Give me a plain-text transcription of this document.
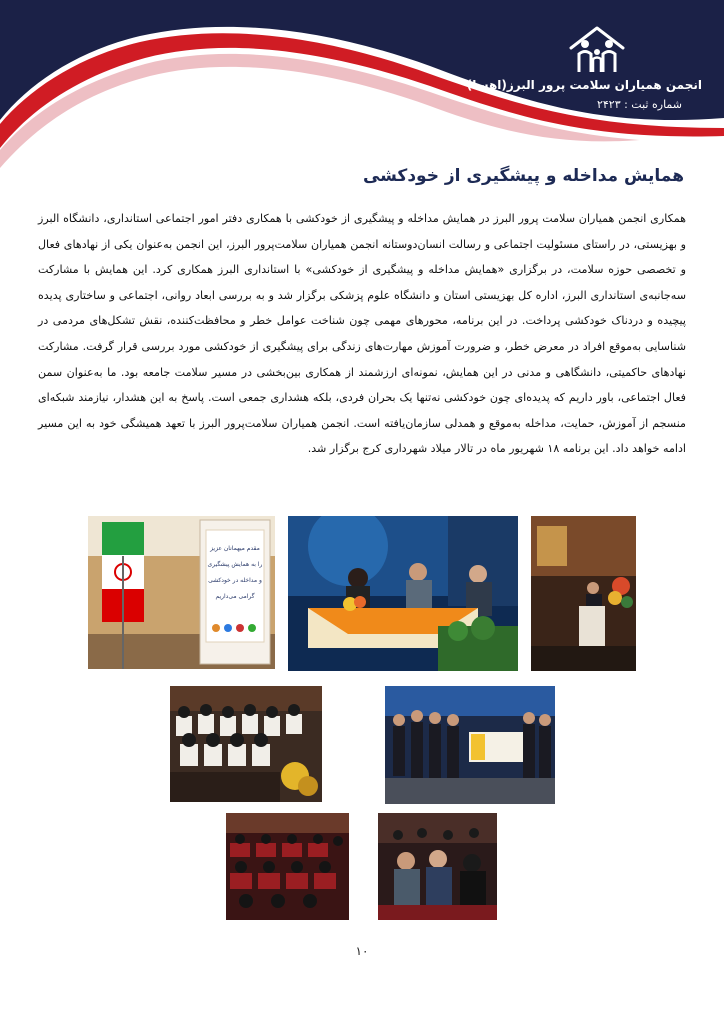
انجمن همیاران سلامت پرور البرز(اهسا)
شماره ثبت : ۲۴۲۳
همایش مداخله و پیشگیری از خودکشی

همکاری انجمن همیاران سلامت پرور البرز در همایش مداخله و پیشگیری از خودکشی با همکاری دفتر امور اجتماعی استانداری، دانشگاه البرز و بهزیستی، در راستای مسئولیت اجتماعی و رسالت انسان‌دوستانه انجمن همیاران سلامت‌پرور البرز، این انجمن به‌عنوان یکی از نهادهای فعال و تخصصی حوزه سلامت، در برگزاری «همایش مداخله و پیشگیری از خودکشی» با استانداری البرز همکاری کرد. این همایش با مشارکت سه‌جانبه‌ی استانداری البرز، اداره کل بهزیستی استان و دانشگاه علوم پزشکی برگزار شد و به بررسی ابعاد روانی، اجتماعی و ساختاری پدیده پیچیده و دردناک خودکشی پرداخت. در این برنامه، محورهای مهمی چون شناخت عوامل خطر و محافظت‌کننده، نقش تشکل‌های مردمی در شناسایی به‌موقع افراد در معرض خطر، و ضرورت آموزش مهارت‌های زندگی برای پیشگیری از خودکشی مورد بررسی قرار گرفت. مشارکت نهادهای حاکمیتی، دانشگاهی و مدنی در این همایش، نمونه‌ای ارزشمند از همکاری بین‌بخشی در مسیر سلامت جامعه بود. ما به‌عنوان سمن فعال اجتماعی، باور داریم که پدیده‌ای چون خودکشی نه‌تنها یک بحران فردی، بلکه هشداری جمعی است. پاسخ به این هشدار، نیازمند شبکه‌ای منسجم از آموزش، حمایت، مداخله به‌موقع و همدلی سازمان‌یافته است. انجمن همیاران سلامت‌پرور البرز با تعهد همیشگی خود به این مسیر ادامه خواهد داد. این برنامه ۱۸ شهریور ماه در تالار میلاد شهرداری کرج برگزار شد.

مقدم میهمانان عزیز
را به همایش پیشگیری
و مداخله در خودکشی
گرامی می‌داریم
۱۰
